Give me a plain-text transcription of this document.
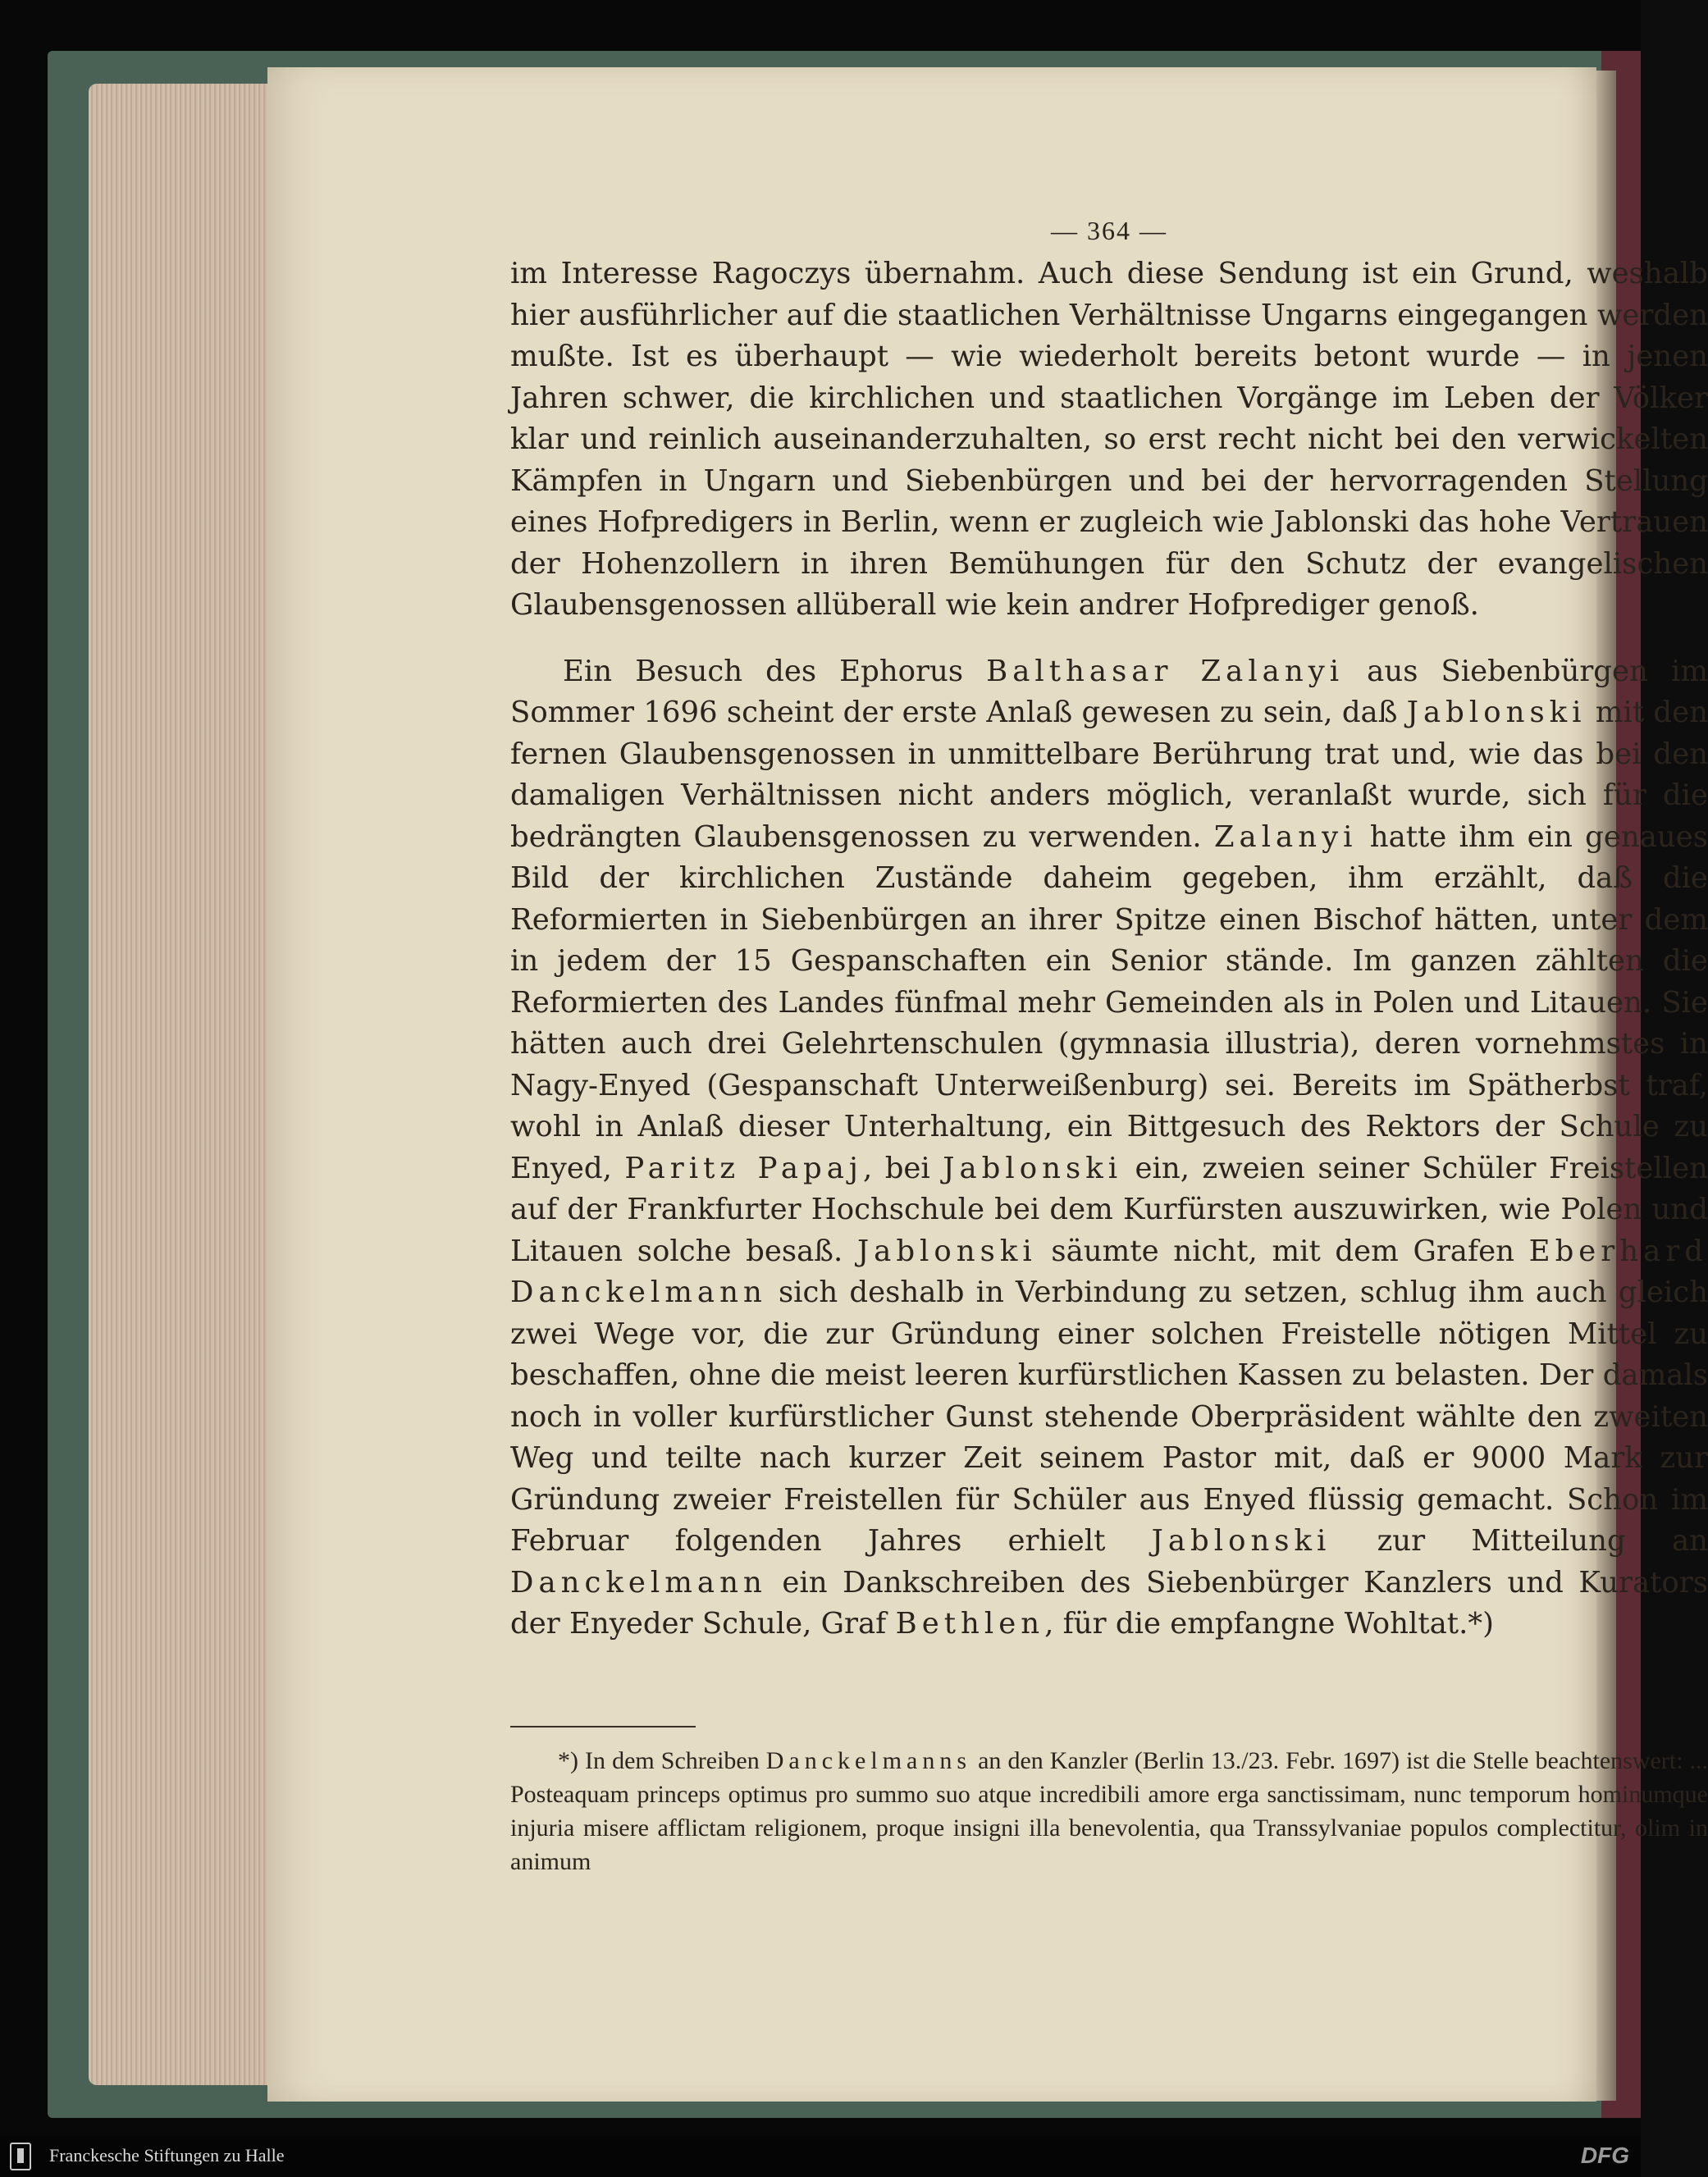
— 364 —

im Interesse Ragoczys übernahm. Auch diese Sendung ist ein Grund, weshalb hier ausführlicher auf die staatlichen Verhältnisse Ungarns eingegangen werden mußte. Ist es überhaupt — wie wiederholt bereits betont wurde — in jenen Jahren schwer, die kirchlichen und staatlichen Vorgänge im Leben der Völker klar und reinlich auseinanderzuhalten, so erst recht nicht bei den verwickelten Kämpfen in Ungarn und Siebenbürgen und bei der hervorragenden Stellung eines Hofpredigers in Berlin, wenn er zugleich wie Jablonski das hohe Vertrauen der Hohenzollern in ihren Bemühungen für den Schutz der evangelischen Glaubensgenossen allüberall wie kein andrer Hofprediger genoß.

Ein Besuch des Ephorus Balthasar Zalanyi aus Siebenbürgen im Sommer 1696 scheint der erste Anlaß gewesen zu sein, daß Jablonski mit den fernen Glaubensgenossen in unmittelbare Berührung trat und, wie das bei den damaligen Verhältnissen nicht anders möglich, veranlaßt wurde, sich für die bedrängten Glaubensgenossen zu verwenden. Zalanyi hatte ihm ein genaues Bild der kirchlichen Zustände daheim gegeben, ihm erzählt, daß die Reformierten in Siebenbürgen an ihrer Spitze einen Bischof hätten, unter dem in jedem der 15 Gespanschaften ein Senior stände. Im ganzen zählten die Reformierten des Landes fünfmal mehr Gemeinden als in Polen und Litauen. Sie hätten auch drei Gelehrtenschulen (gymnasia illustria), deren vornehmstes in Nagy-Enyed (Gespanschaft Unterweißenburg) sei. Bereits im Spätherbst traf, wohl in Anlaß dieser Unterhaltung, ein Bittgesuch des Rektors der Schule zu Enyed, Paritz Papaj, bei Jablonski ein, zweien seiner Schüler Freistellen auf der Frankfurter Hochschule bei dem Kurfürsten auszuwirken, wie Polen und Litauen solche besaß. Jablonski säumte nicht, mit dem Grafen Eberhard Danckelmann sich deshalb in Verbindung zu setzen, schlug ihm auch gleich zwei Wege vor, die zur Gründung einer solchen Freistelle nötigen Mittel zu beschaffen, ohne die meist leeren kurfürstlichen Kassen zu belasten. Der damals noch in voller kurfürstlicher Gunst stehende Oberpräsident wählte den zweiten Weg und teilte nach kurzer Zeit seinem Pastor mit, daß er 9000 Mark zur Gründung zweier Freistellen für Schüler aus Enyed flüssig gemacht. Schon im Februar folgenden Jahres erhielt Jablonski zur Mitteilung an Danckelmann ein Dankschreiben des Siebenbürger Kanzlers und Kurators der Enyeder Schule, Graf Bethlen, für die empfangne Wohltat.*)

*) In dem Schreiben Danckelmanns an den Kanzler (Berlin 13./23. Febr. 1697) ist die Stelle beachtenswert: ... Posteaquam princeps optimus pro summo suo atque incredibili amore erga sanctissimam, nunc temporum hominumque injuria misere afflictam religionem, proque insigni illa benevolentia, qua Transsylvaniae populos complectitur, olim in animum
Franckesche Stiftungen zu Halle	DFG
